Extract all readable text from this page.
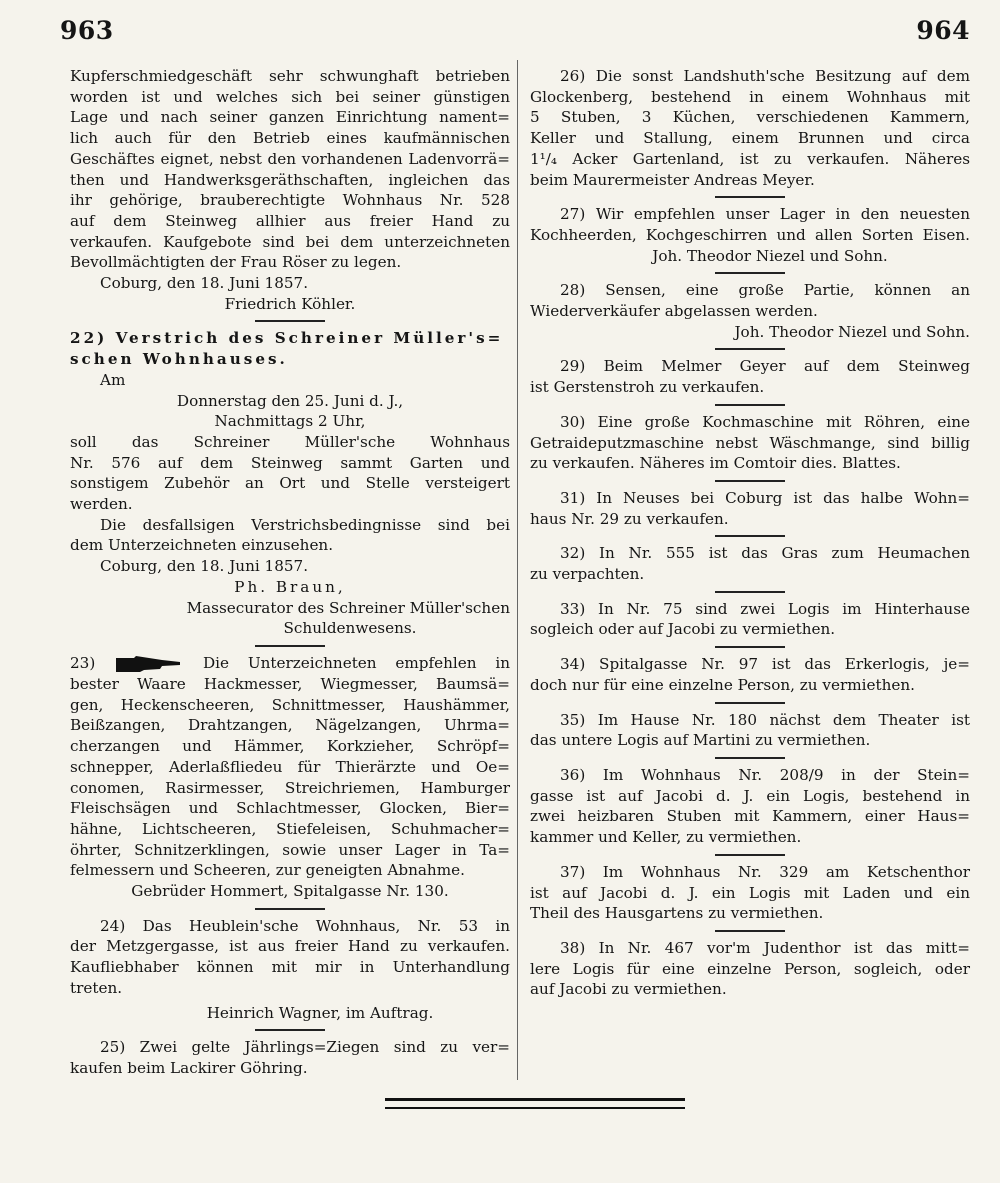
963	964

Kupferschmiedgeschäft sehr schwunghaft betrieben
worden ist und welches sich bei seiner günstigen
Lage und nach seiner ganzen Einrichtung nament=
lich auch für den Betrieb eines kaufmännischen
Geschäftes eignet, nebst den vorhandenen Ladenvorrä=
then und Handwerksgeräthschaften, ingleichen das
ihr gehörige, brauberechtigte Wohnhaus Nr. 528
auf dem Steinweg allhier aus freier Hand zu
verkaufen. Kaufgebote sind bei dem unterzeichneten
Bevollmächtigten der Frau Röser zu legen.

Coburg, den 18. Juni 1857.

Friedrich Köhler.

22) Verstrich des Schreiner Müller's=
schen Wohnhauses.

Am

Donnerstag den 25. Juni d. J.,

Nachmittags 2 Uhr,

soll das Schreiner Müller'sche Wohnhaus
Nr. 576 auf dem Steinweg sammt Garten und
sonstigem Zubehör an Ort und Stelle versteigert
werden.

Die desfallsigen Verstrichsbedingnisse sind bei
dem Unterzeichneten einzusehen.

Coburg, den 18. Juni 1857.

Ph. Braun,

Massecurator des Schreiner Müller'schen

Schuldenwesens.

23)	Die Unterzeichneten empfehlen in
bester Waare Hackmesser, Wiegmesser, Baumsä=
gen, Heckenscheeren, Schnittmesser, Haushämmer,
Beißzangen, Drahtzangen, Nägelzangen, Uhrma=
cherzangen und Hämmer, Korkzieher, Schröpf=
schnepper, Aderlaßfliedeu für Thierärzte und Oe=
conomen, Rasirmesser, Streichriemen, Hamburger
Fleischsägen und Schlachtmesser, Glocken, Bier=
hähne, Lichtscheeren, Stiefeleisen, Schuhmacher=
öhrter, Schnitzerklingen, sowie unser Lager in Ta=
felmessern und Scheeren, zur geneigten Abnahme.

Gebrüder Hommert, Spitalgasse Nr. 130.

24) Das Heublein'sche Wohnhaus, Nr. 53 in
der Metzgergasse, ist aus freier Hand zu verkaufen.
Kaufliebhaber können mit mir in Unterhandlung
treten.

Heinrich Wagner, im Auftrag.

25) Zwei gelte Jährlings=Ziegen sind zu ver=
kaufen beim Lackirer Göhring.

26) Die sonst Landshuth'sche Besitzung auf dem
Glockenberg, bestehend in einem Wohnhaus mit
5 Stuben, 3 Küchen, verschiedenen Kammern,
Keller und Stallung, einem Brunnen und circa
1¹/₄ Acker Gartenland, ist zu verkaufen. Näheres
beim Maurermeister Andreas Meyer.

27) Wir empfehlen unser Lager in den neuesten
Kochheerden, Kochgeschirren und allen Sorten Eisen.

Joh. Theodor Niezel und Sohn.

28) Sensen, eine große Partie, können an
Wiederverkäufer abgelassen werden.

Joh. Theodor Niezel und Sohn.

29) Beim Melmer Geyer auf dem Steinweg
ist Gerstenstroh zu verkaufen.

30) Eine große Kochmaschine mit Röhren, eine
Getraideputzmaschine nebst Wäschmange, sind billig
zu verkaufen. Näheres im Comtoir dies. Blattes.

31) In Neuses bei Coburg ist das halbe Wohn=
haus Nr. 29 zu verkaufen.

32) In Nr. 555 ist das Gras zum Heumachen
zu verpachten.

33) In Nr. 75 sind zwei Logis im Hinterhause
sogleich oder auf Jacobi zu vermiethen.

34) Spitalgasse Nr. 97 ist das Erkerlogis, je=
doch nur für eine einzelne Person, zu vermiethen.

35) Im Hause Nr. 180 nächst dem Theater ist
das untere Logis auf Martini zu vermiethen.

36) Im Wohnhaus Nr. 208/9 in der Stein=
gasse ist auf Jacobi d. J. ein Logis, bestehend in
zwei heizbaren Stuben mit Kammern, einer Haus=
kammer und Keller, zu vermiethen.

37) Im Wohnhaus Nr. 329 am Ketschenthor
ist auf Jacobi d. J. ein Logis mit Laden und ein
Theil des Hausgartens zu vermiethen.

38) In Nr. 467 vor'm Judenthor ist das mitt=
lere Logis für eine einzelne Person, sogleich, oder
auf Jacobi zu vermiethen.
